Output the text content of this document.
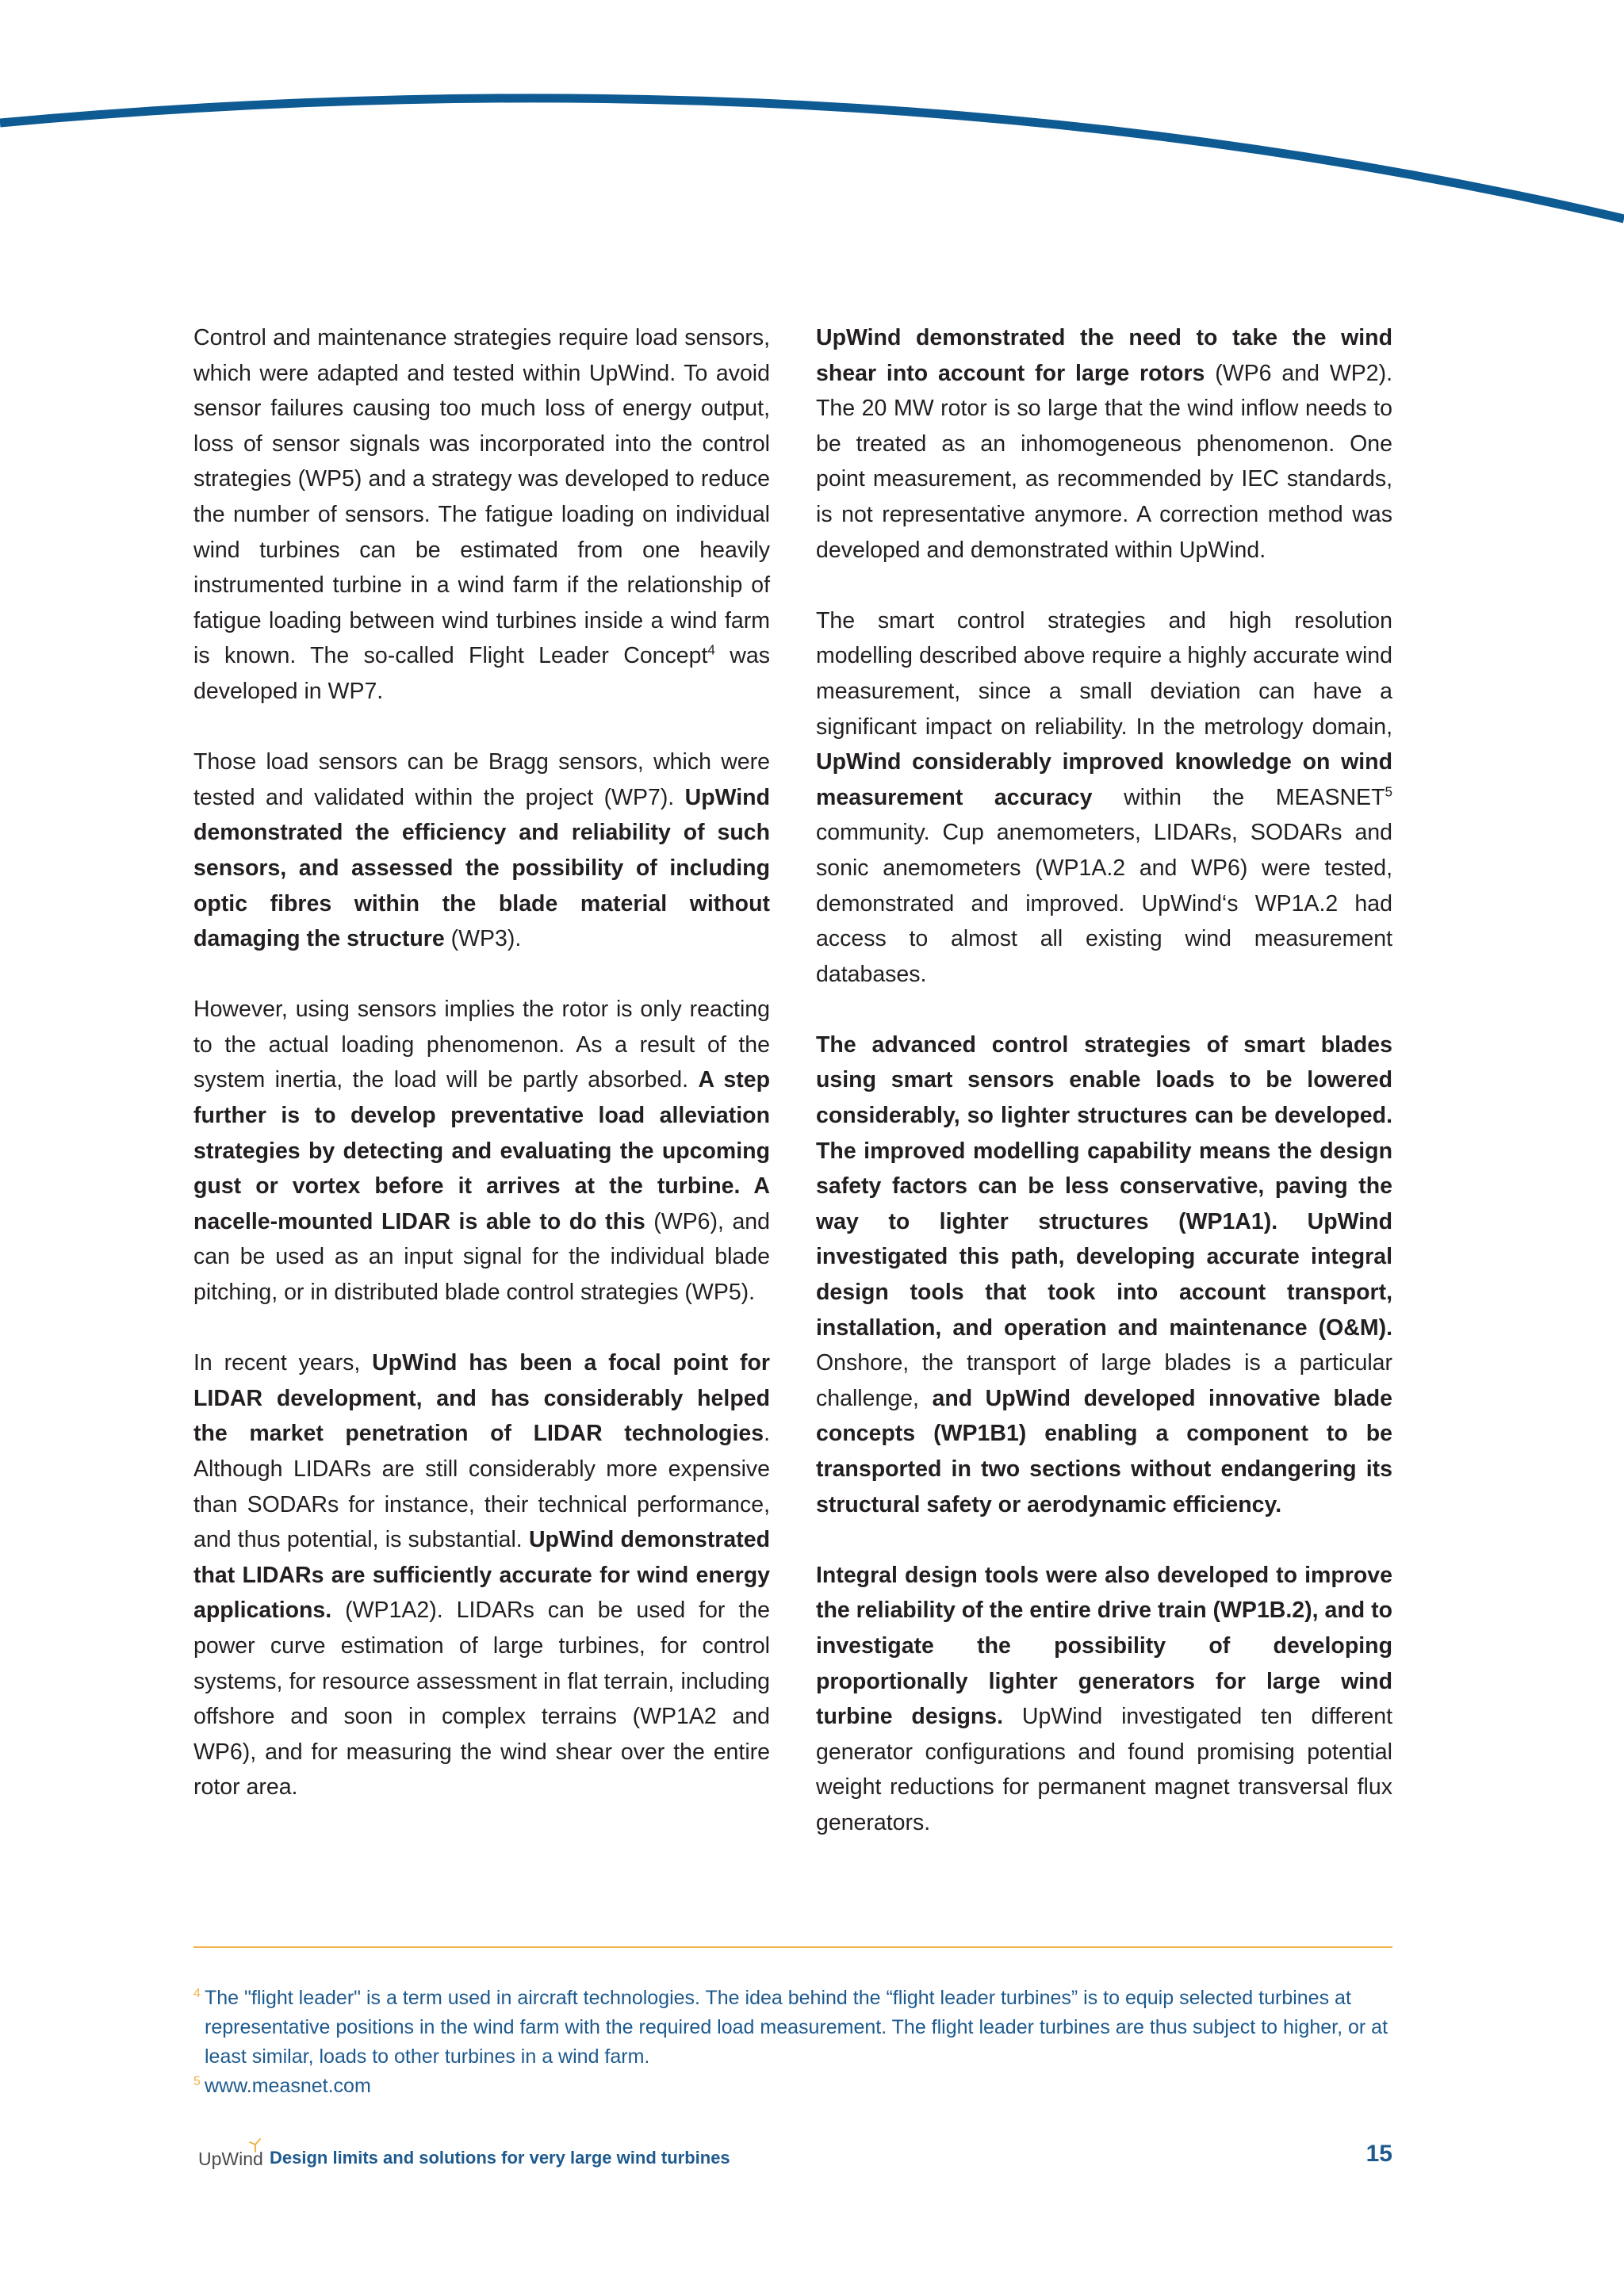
Control and maintenance strategies require load sensors, which were adapted and tested within UpWind. To avoid sensor failures causing too much loss of energy output, loss of sensor signals was incorporated into the control strategies (WP5) and a strategy was developed to reduce the number of sensors. The fatigue loading on individual wind turbines can be estimated from one heavily instrumented turbine in a wind farm if the relationship of fatigue loading between wind turbines inside a wind farm is known. The so-called Flight Leader Concept$^4$ was developed in WP7.

Those load sensors can be Bragg sensors, which were tested and validated within the project (WP7). UpWind demonstrated the efficiency and reliability of such sensors, and assessed the possibility of including optic fibres within the blade material without damaging the structure (WP3).

However, using sensors implies the rotor is only reacting to the actual loading phenomenon. As a result of the system inertia, the load will be partly absorbed. A step further is to develop preventative load alleviation strategies by detecting and evaluating the upcoming gust or vortex before it arrives at the turbine. A nacelle-mounted LIDAR is able to do this (WP6), and can be used as an input signal for the individual blade pitching, or in distributed blade control strategies (WP5).

In recent years, UpWind has been a focal point for LIDAR development, and has considerably helped the market penetration of LIDAR technologies. Although LIDARs are still considerably more expensive than SODARs for instance, their technical performance, and thus potential, is substantial. UpWind demonstrated that LIDARs are sufficiently accurate for wind energy applications. (WP1A2). LIDARs can be used for the power curve estimation of large turbines, for control systems, for resource assessment in flat terrain, including offshore and soon in complex terrains (WP1A2 and WP6), and for measuring the wind shear over the entire rotor area.

UpWind demonstrated the need to take the wind shear into account for large rotors (WP6 and WP2). The 20 MW rotor is so large that the wind inflow needs to be treated as an inhomogeneous phenomenon. One point measurement, as recommended by IEC standards, is not representative anymore. A correction method was developed and demonstrated within UpWind.

The smart control strategies and high resolution modelling described above require a highly accurate wind measurement, since a small deviation can have a significant impact on reliability. In the metrology domain, UpWind considerably improved knowledge on wind measurement accuracy within the MEASNET$^5$ community. Cup anemometers, LIDARs, SODARs and sonic anemometers (WP1A.2 and WP6) were tested, demonstrated and improved. UpWind‘s WP1A.2 had access to almost all existing wind measurement databases.

The advanced control strategies of smart blades using smart sensors enable loads to be lowered considerably, so lighter structures can be developed. The improved modelling capability means the design safety factors can be less conservative, paving the way to lighter structures (WP1A1). UpWind investigated this path, developing accurate integral design tools that took into account transport, installation, and operation and maintenance (O&M). Onshore, the transport of large blades is a particular challenge, and UpWind developed innovative blade concepts (WP1B1) enabling a component to be transported in two sections without endangering its structural safety or aerodynamic efficiency.

Integral design tools were also developed to improve the reliability of the entire drive train (WP1B.2), and to investigate the possibility of developing proportionally lighter generators for large wind turbine designs. UpWind investigated ten different generator configurations and found promising potential weight reductions for permanent magnet transversal flux generators.

4 The "flight leader" is a term used in aircraft technologies. The idea behind the “flight leader turbines” is to equip selected turbines at representative positions in the wind farm with the required load measurement. The flight leader turbines are thus subject to higher, or at least similar, loads to other turbines in a wind farm.
5 www.measnet.com
UpWind Design limits and solutions for very large wind turbines	15
